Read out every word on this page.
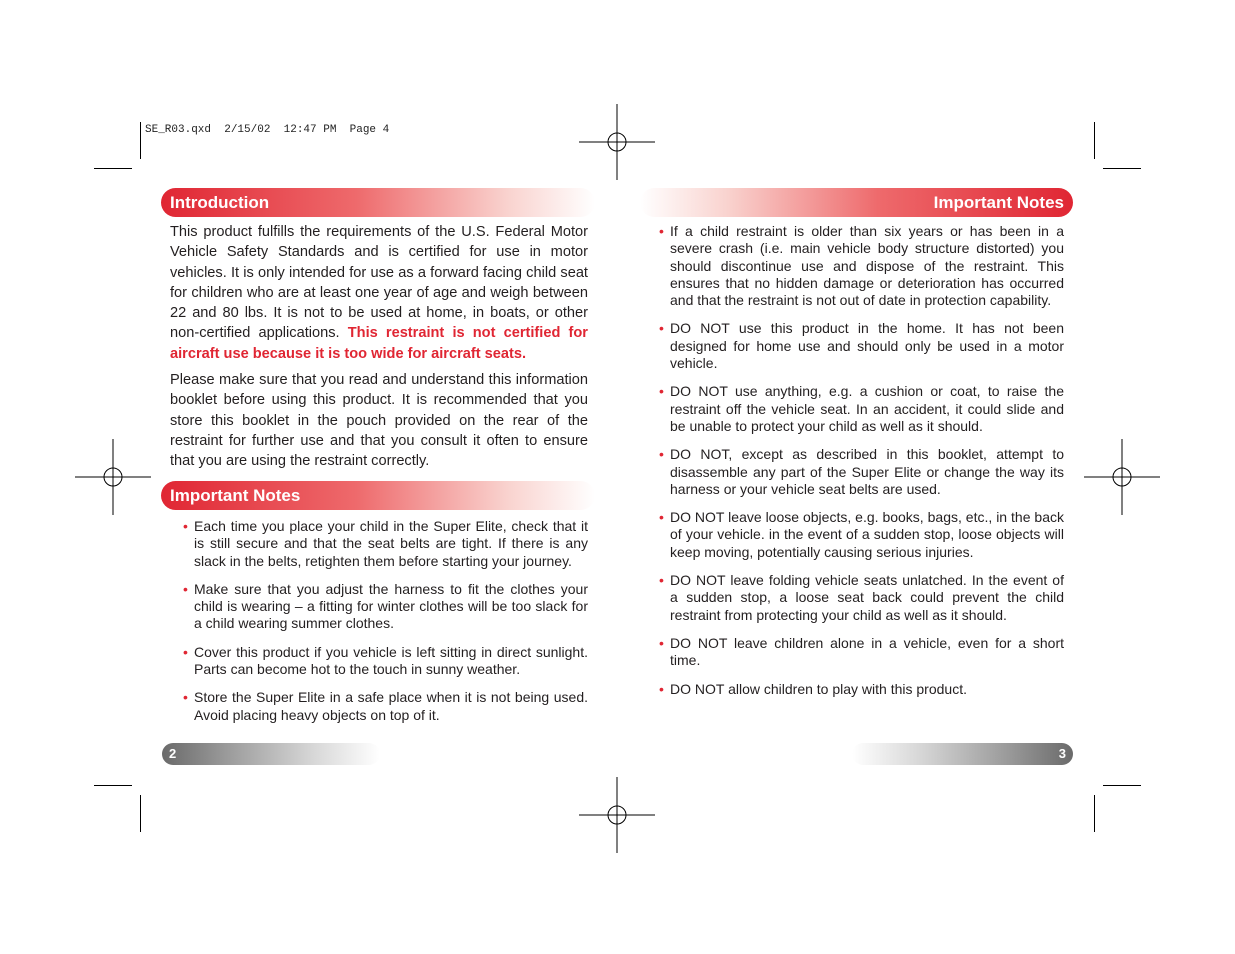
SE_R03.qxd  2/15/02  12:47 PM  Page 4
Introduction
This product fulfills the requirements of the U.S. Federal Motor Vehicle Safety Standards and is certified for use in motor vehicles. It is only intended for use as a forward facing child seat for children who are at least one year of age and weigh between 22 and 80 lbs. It is not to be used at home, in boats, or other non-certified applications. This restraint is not certified for aircraft use because it is too wide for aircraft seats.
Please make sure that you read and understand this information booklet before using this product. It is recommended that you store this booklet in the pouch provided on the rear of the restraint for further use and that you consult it often to ensure that you are using the restraint correctly.
Important Notes
• Each time you place your child in the Super Elite, check that it is still secure and that the seat belts are tight. If there is any slack in the belts, retighten them before starting your journey.
• Make sure that you adjust the harness to fit the clothes your child is wearing – a fitting for winter clothes will be too slack for a child wearing summer clothes.
• Cover this product if you vehicle is left sitting in direct sunlight. Parts can become hot to the touch in sunny weather.
• Store the Super Elite in a safe place when it is not being used. Avoid placing heavy objects on top of it.
2
Important Notes
• If a child restraint is older than six years or has been in a severe crash (i.e. main vehicle body structure distorted) you should discontinue use and dispose of the restraint. This ensures that no hidden damage or deterioration has occurred and that the restraint is not out of date in protection capability.
• DO NOT use this product in the home. It has not been designed for home use and should only be used in a motor vehicle.
• DO NOT use anything, e.g. a cushion or coat, to raise the restraint off the vehicle seat. In an accident, it could slide and be unable to protect your child as well as it should.
• DO NOT, except as described in this booklet, attempt to disassemble any part of the Super Elite or change the way its harness or your vehicle seat belts are used.
• DO NOT leave loose objects, e.g. books, bags, etc., in the back of your vehicle. in the event of a sudden stop, loose objects will keep moving, potentially causing serious injuries.
• DO NOT leave folding vehicle seats unlatched. In the event of a sudden stop, a loose seat back could prevent the child restraint from protecting your child as well as it should.
• DO NOT leave children alone in a vehicle, even for a short time.
• DO NOT allow children to play with this product.
3
